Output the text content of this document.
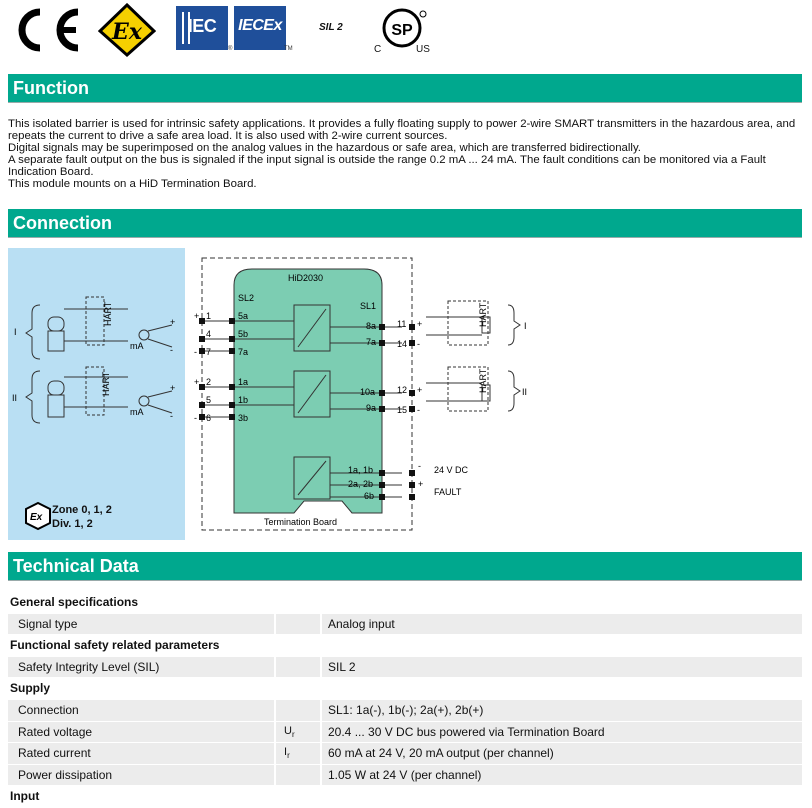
Ex	IEC
®
IECEx
TM
SIL 2	SP
C	US
Function

This isolated barrier is used for intrinsic safety applications. It provides a fully floating supply to power 2-wire SMART transmitters in the hazardous area, and repeats the current to drive a safe area load. It is also used with 2-wire current sources.

Digital signals may be superimposed on the analog values in the hazardous or safe area, which are transferred bidirectionally.

A separate fault output on the bus is signaled if the input signal is outside the range 0.2 mA ... 24 mA. The fault conditions can be monitored via a Fault Indication Board.

This module mounts on a HiD Termination Board.

Connection
HiD2030
SL2
SL1
Termination Board
5a
5b
7a
1a
1b
3b
1
4
7
2
5
6
+
-
+
-
8a
7a
10a
9a
11
14
12
15
+
-
+
-
1a, 1b
2a, 2b
6b
24 V DC
FAULT
-
+
I
II
HART
HART
mA
mA
+
-
+
-
HART
HART
I
II
Ex
Zone 0, 1, 2
Div. 1, 2
Technical Data
General specifications
Signal type	Analog input
Functional safety related parameters
Safety Integrity Level (SIL)	SIL 2
Supply
Connection	SL1: 1a(-), 1b(-); 2a(+), 2b(+)
Rated voltage	$U_r$	20.4 ... 30 V DC bus powered via Termination Board
Rated current	$I_r$	60 mA at 24 V, 20 mA output (per channel)
Power dissipation	1.05 W at 24 V (per channel)
Input
